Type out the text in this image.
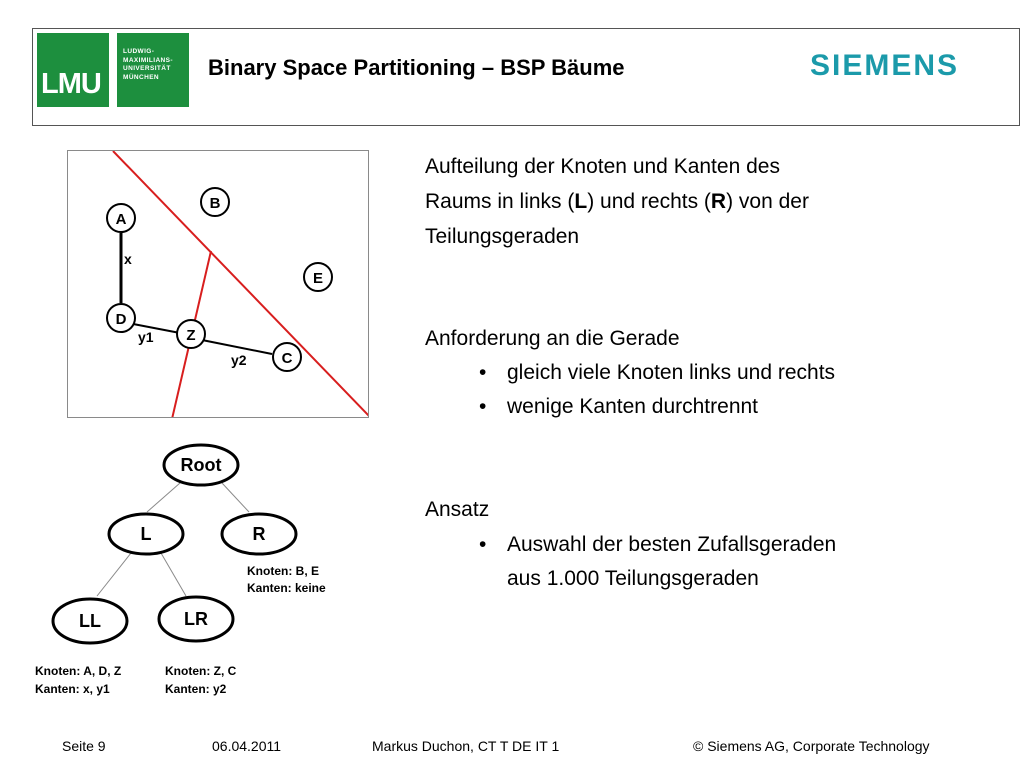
LMU
LUDWIG-
MAXIMILIANS-
UNIVERSITÄT
MÜNCHEN	Binary Space Partitioning – BSP Bäume	SIEMENS
A
B
D
E
Z
C
x
y1
y2
Root
L	R
LL	LR
Knoten: B, E
Kanten: keine
Knoten: A, D, Z
Kanten: x, y1
Knoten: Z, C
Kanten: y2
Aufteilung der Knoten und Kanten des
Raums in links (L) und rechts (R) von der
Teilungsgeraden
Anforderung an die Gerade
• gleich viele Knoten links und rechts
• wenige Kanten durchtrennt
Ansatz
• Auswahl der besten Zufallsgeraden
aus 1.000 Teilungsgeraden
Seite 9	06.04.2011	Markus Duchon, CT T DE IT 1	© Siemens AG, Corporate Technology
